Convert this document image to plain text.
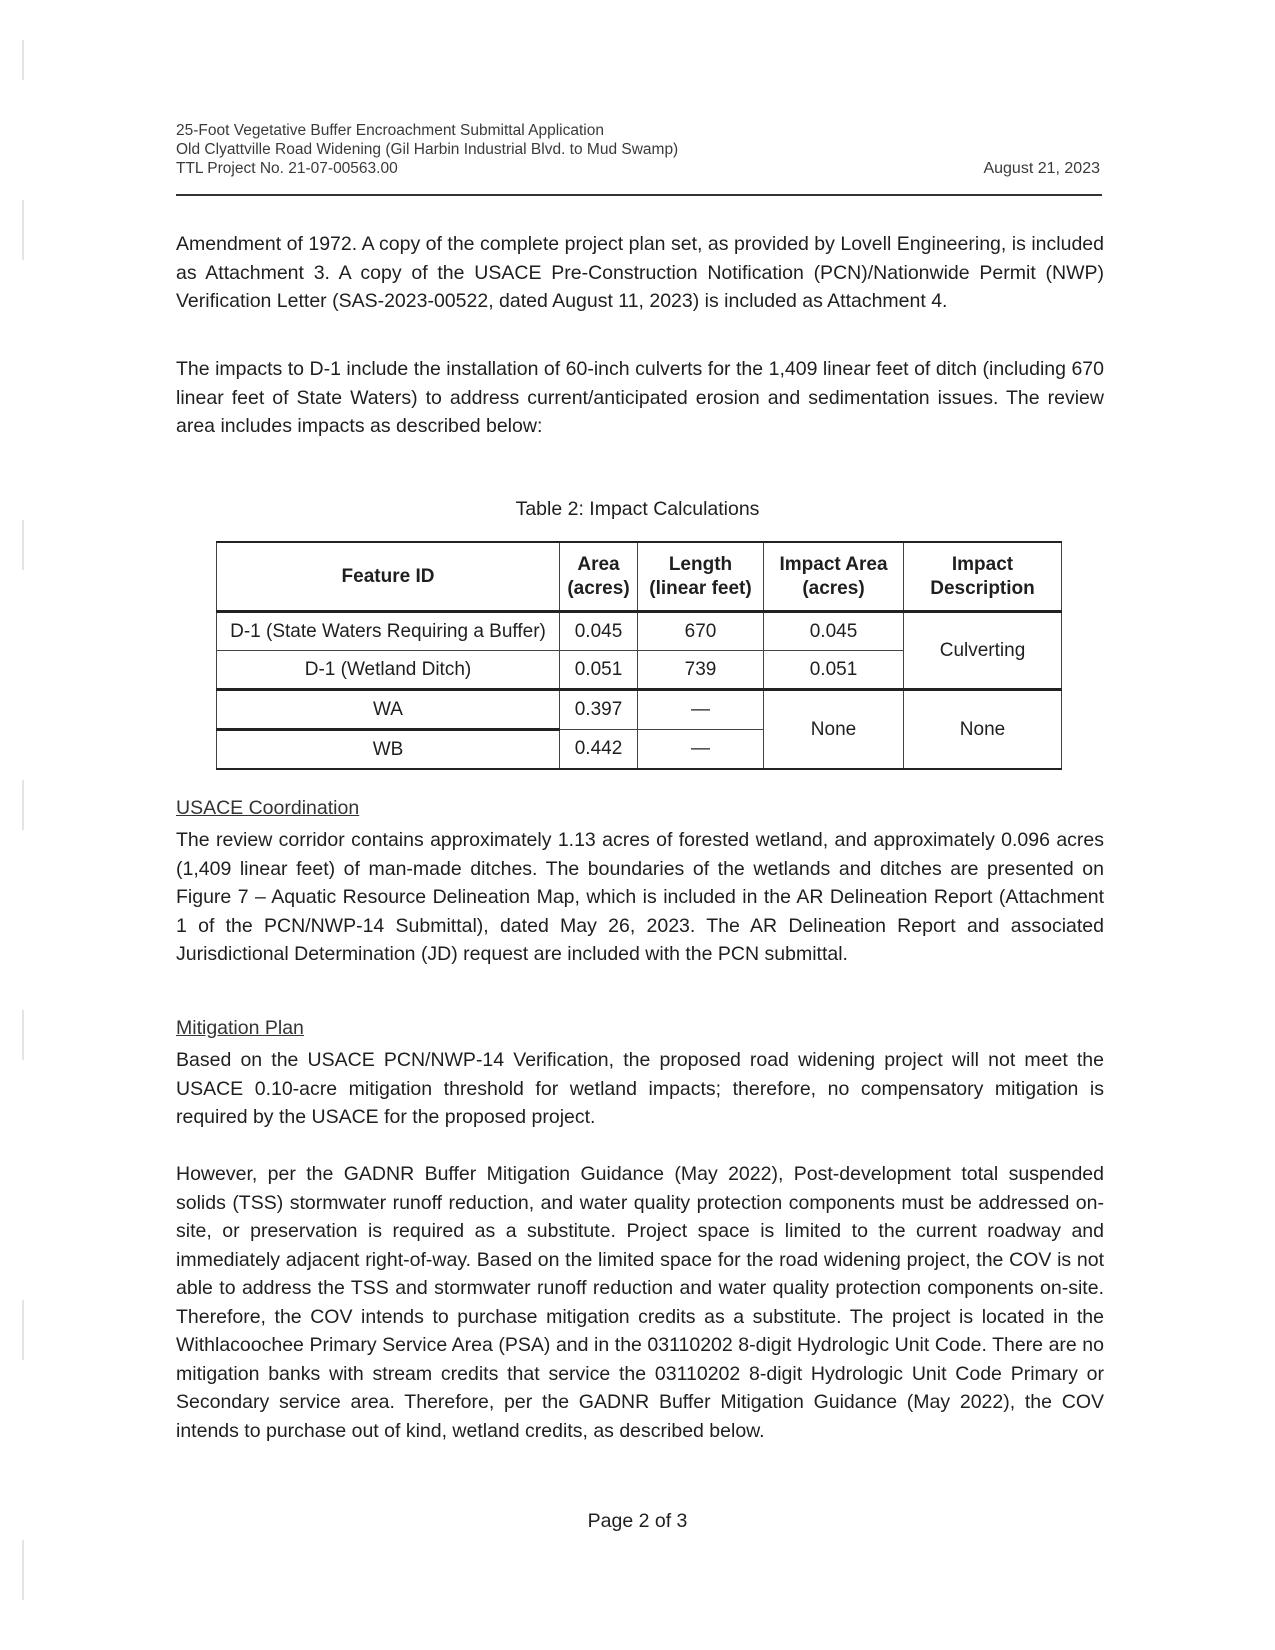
25-Foot Vegetative Buffer Encroachment Submittal Application
Old Clyattville Road Widening (Gil Harbin Industrial Blvd. to Mud Swamp)
TTL Project No. 21-07-00563.00	August 21, 2023

Amendment of 1972. A copy of the complete project plan set, as provided by Lovell Engineering, is included as Attachment 3. A copy of the USACE Pre-Construction Notification (PCN)/Nationwide Permit (NWP) Verification Letter (SAS-2023-00522, dated August 11, 2023) is included as Attachment 4.

The impacts to D-1 include the installation of 60-inch culverts for the 1,409 linear feet of ditch (including 670 linear feet of State Waters) to address current/anticipated erosion and sedimentation issues. The review area includes impacts as described below:

Table 2: Impact Calculations
Feature ID	Area (acres)	Length (linear feet)	Impact Area (acres)	Impact Description
D-1 (State Waters Requiring a Buffer)	0.045	670	0.045	Culverting
D-1 (Wetland Ditch)	0.051	739	0.051	
WA	0.397	—	None	None
WB	0.442	—		
USACE Coordination

The review corridor contains approximately 1.13 acres of forested wetland, and approximately 0.096 acres (1,409 linear feet) of man-made ditches. The boundaries of the wetlands and ditches are presented on Figure 7 – Aquatic Resource Delineation Map, which is included in the AR Delineation Report (Attachment 1 of the PCN/NWP-14 Submittal), dated May 26, 2023. The AR Delineation Report and associated Jurisdictional Determination (JD) request are included with the PCN submittal.

Mitigation Plan

Based on the USACE PCN/NWP-14 Verification, the proposed road widening project will not meet the USACE 0.10-acre mitigation threshold for wetland impacts; therefore, no compensatory mitigation is required by the USACE for the proposed project.

However, per the GADNR Buffer Mitigation Guidance (May 2022), Post-development total suspended solids (TSS) stormwater runoff reduction, and water quality protection components must be addressed on-site, or preservation is required as a substitute. Project space is limited to the current roadway and immediately adjacent right-of-way. Based on the limited space for the road widening project, the COV is not able to address the TSS and stormwater runoff reduction and water quality protection components on-site. Therefore, the COV intends to purchase mitigation credits as a substitute. The project is located in the Withlacoochee Primary Service Area (PSA) and in the 03110202 8-digit Hydrologic Unit Code. There are no mitigation banks with stream credits that service the 03110202 8-digit Hydrologic Unit Code Primary or Secondary service area. Therefore, per the GADNR Buffer Mitigation Guidance (May 2022), the COV intends to purchase out of kind, wetland credits, as described below.

Page 2 of 3
